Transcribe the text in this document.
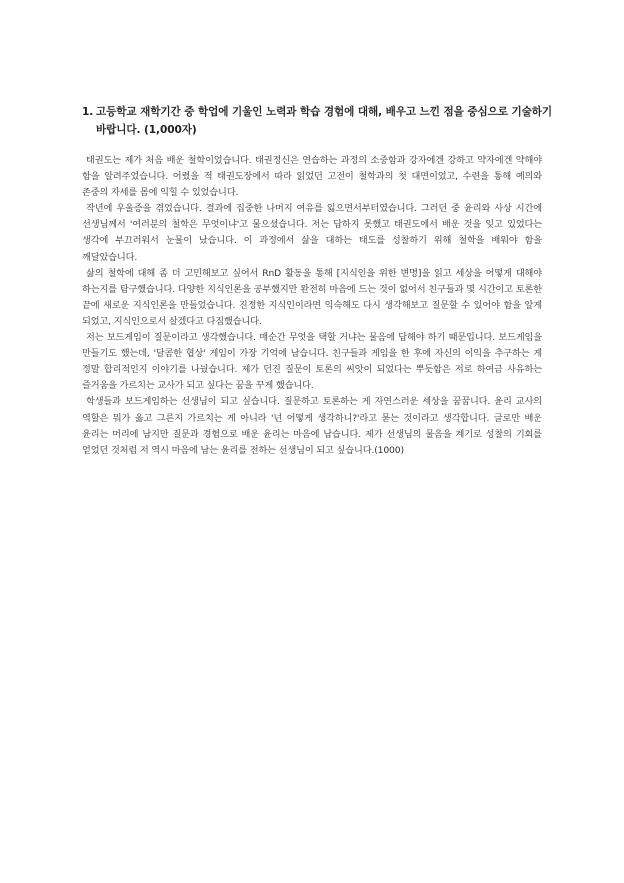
1. 고등학교 재학기간 중 학업에 기울인 노력과 학습 경험에 대해, 배우고 느낀 점을 중심으로 기술하기 바랍니다. (1,000자)

태권도는 제가 처음 배운 철학이었습니다. 태권정신은 연습하는 과정의 소중함과 강자에겐 강하고 약자에겐 약해야 함을 알려주었습니다. 어렸을 적 태권도장에서 따라 읽었던 고전이 철학과의 첫 대면이었고, 수련을 통해 예의와 존중의 자세를 몸에 익힐 수 있었습니다.

작년에 우울증을 겪었습니다. 결과에 집중한 나머지 여유를 잃으면서부터였습니다. 그러던 중 윤리와 사상 시간에 선생님께서 '여러분의 철학은 무엇이냐'고 물으셨습니다. 저는 답하지 못했고 태권도에서 배운 것을 잊고 있었다는 생각에 부끄러워서 눈물이 났습니다. 이 과정에서 삶을 대하는 태도를 성찰하기 위해 철학을 배워야 함을 깨달았습니다.

삶의 철학에 대해 좀 더 고민해보고 싶어서 RnD 활동을 통해 [지식인을 위한 변명]을 읽고 세상을 어떻게 대해야 하는지를 탐구했습니다. 다양한 지식인론을 공부했지만 완전히 마음에 드는 것이 없어서 친구들과 몇 시간이고 토론한 끝에 새로운 지식인론을 만들었습니다. 진정한 지식인이라면 익숙해도 다시 생각해보고 질문할 수 있어야 함을 알게 되었고, 지식인으로서 살겠다고 다짐했습니다.

저는 보드게임이 질문이라고 생각했습니다. 매순간 무엇을 택할 거냐는 물음에 답해야 하기 때문입니다. 보드게임을 만들기도 했는데, '달콤한 협상' 게임이 가장 기억에 남습니다. 친구들과 게임을 한 후에 자신의 이익을 추구하는 게 정말 합리적인지 이야기를 나눴습니다. 제가 던진 질문이 토론의 씨앗이 되었다는 뿌듯함은 저로 하여금 사유하는 즐거움을 가르치는 교사가 되고 싶다는 꿈을 꾸게 했습니다.

학생들과 보드게임하는 선생님이 되고 싶습니다. 질문하고 토론하는 게 자연스러운 세상을 꿈꿉니다. 윤리 교사의 역할은 뭐가 옳고 그른지 가르치는 게 아니라 '넌 어떻게 생각하니?'라고 묻는 것이라고 생각합니다. 글로만 배운 윤리는 머리에 남지만 질문과 경험으로 배운 윤리는 마음에 남습니다. 제가 선생님의 물음을 계기로 성찰의 기회를 얻었던 것처럼 저 역시 마음에 남는 윤리를 전하는 선생님이 되고 싶습니다.(1000)
